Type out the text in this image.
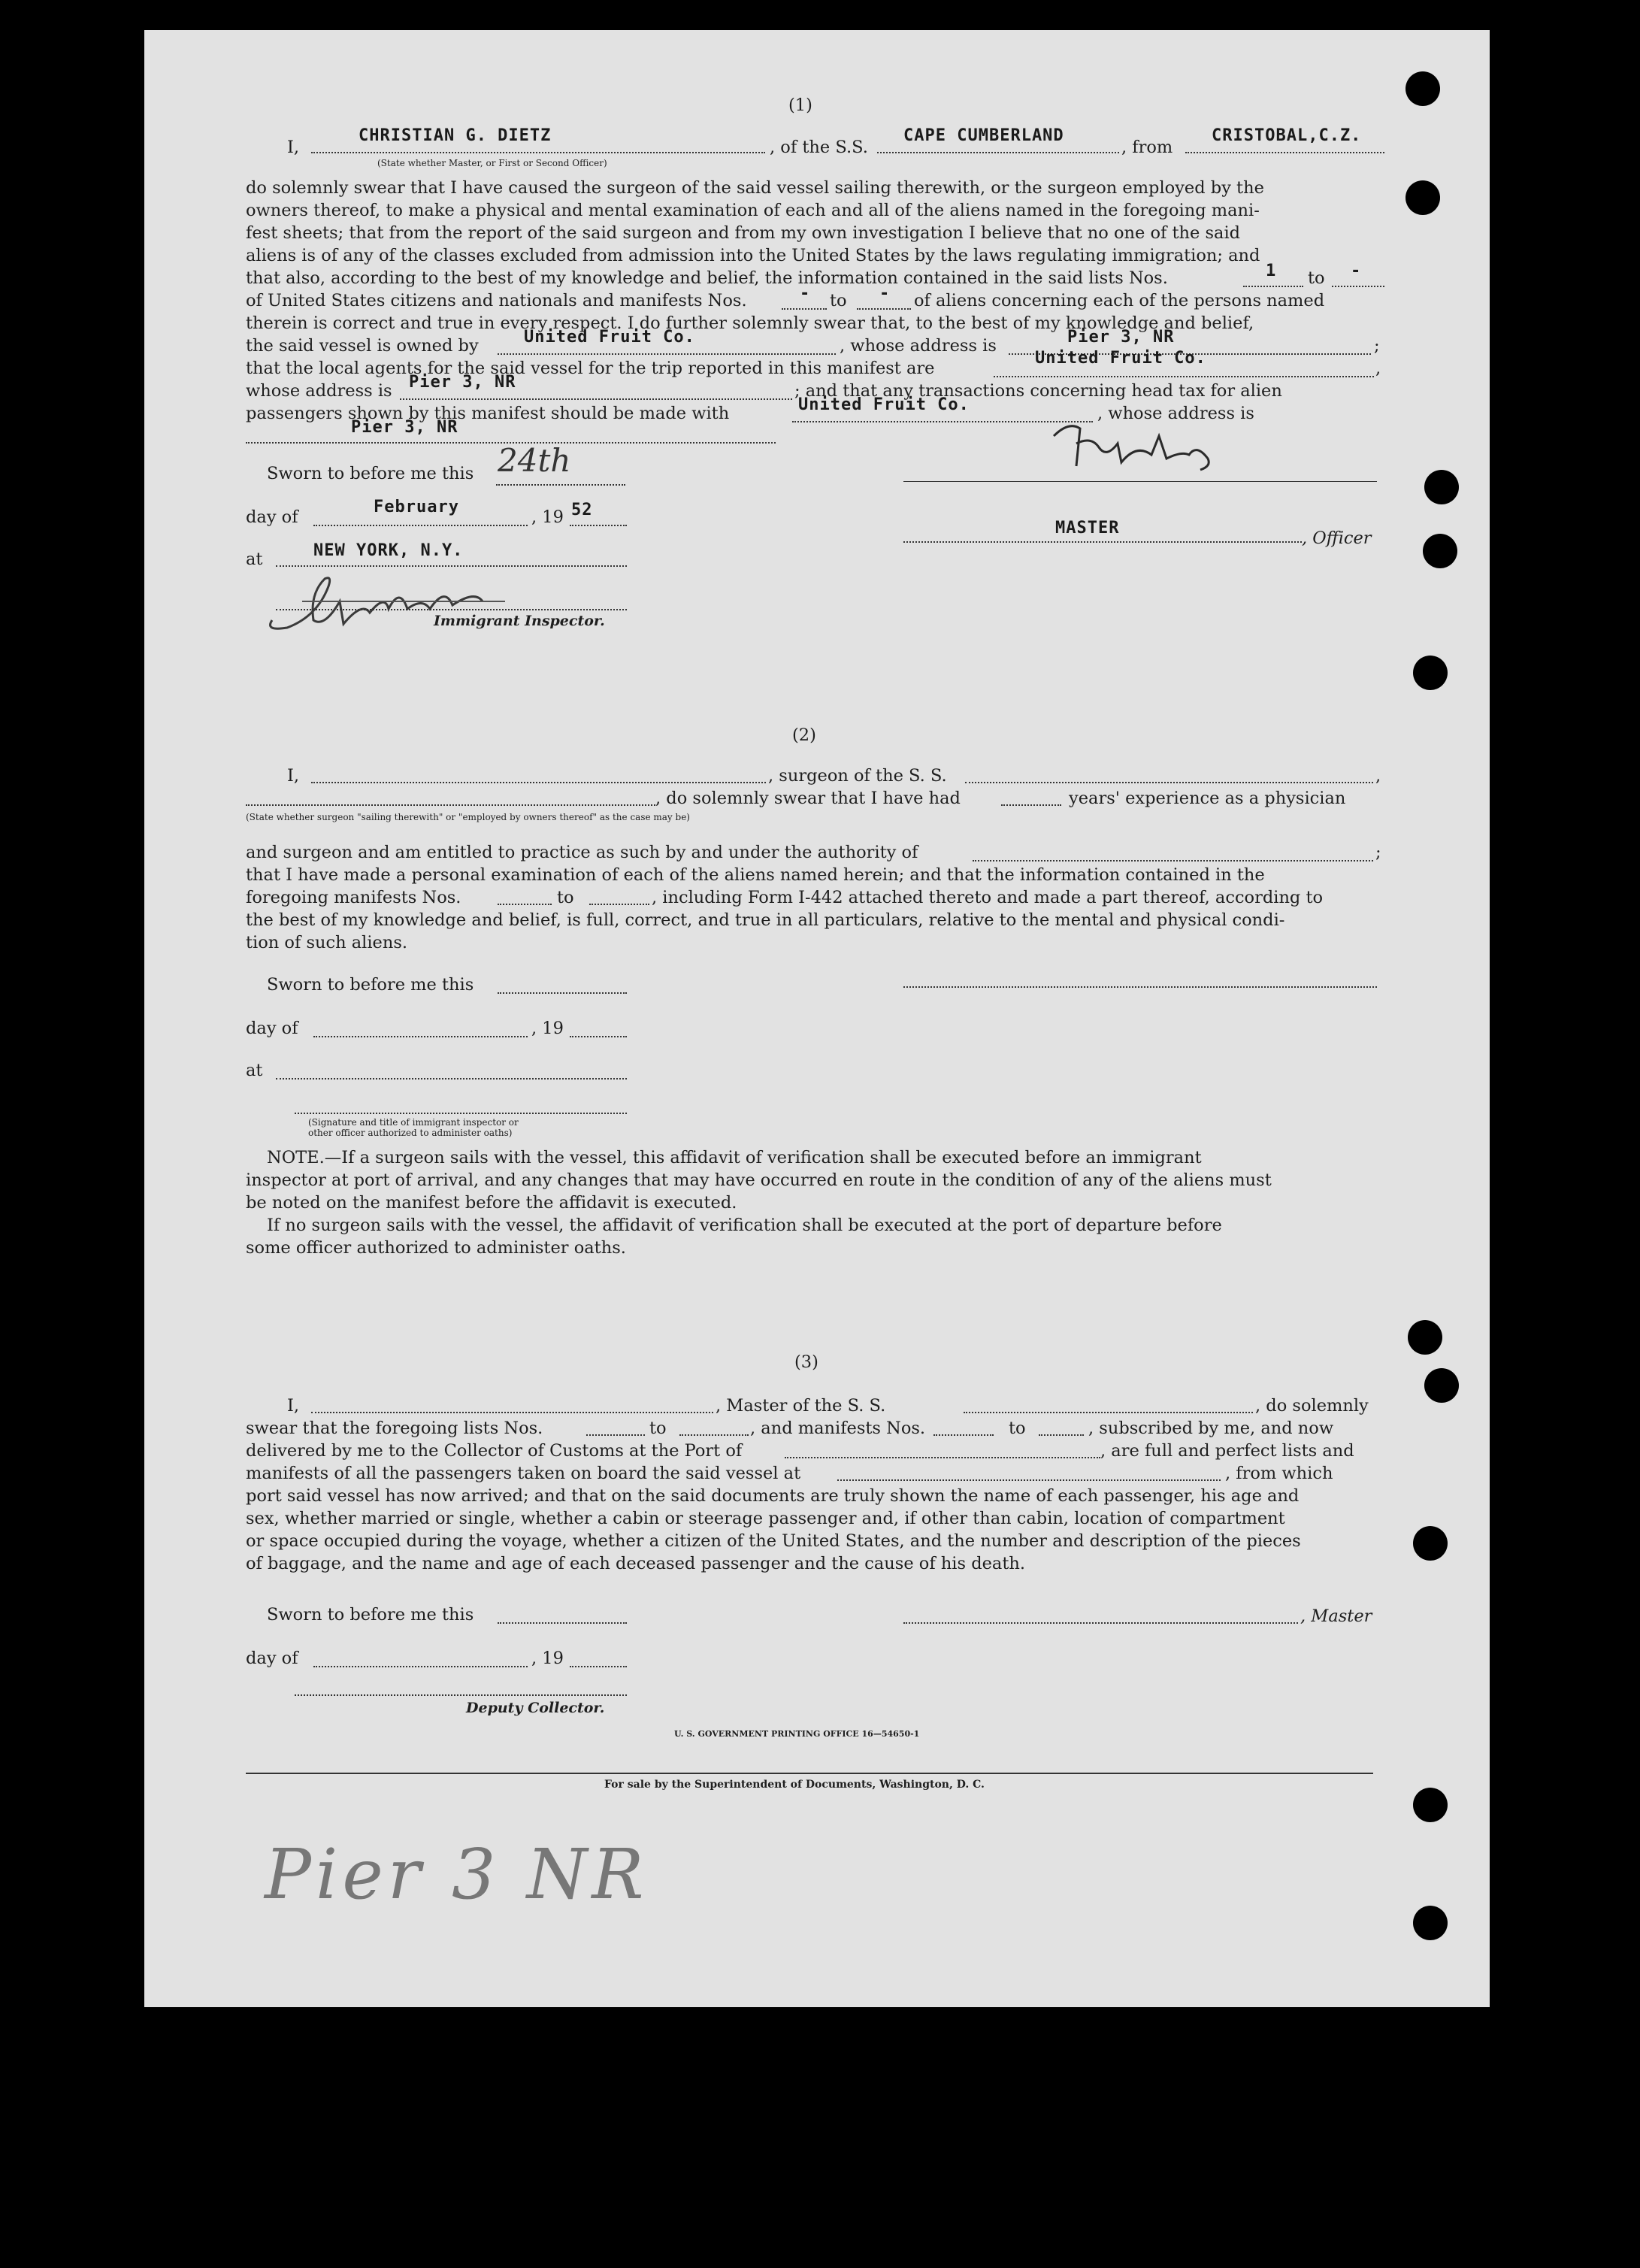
(1)
I,
CHRISTIAN G. DIETZ
, of the S.S.
CAPE CUMBERLAND
, from
CRISTOBAL,C.Z.
(State whether Master, or First or Second Officer)
do solemnly swear that I have caused the surgeon of the said vessel sailing therewith, or the surgeon employed by the
owners thereof, to make a physical and mental examination of each and all of the aliens named in the foregoing mani-
fest sheets; that from the report of the said surgeon and from my own investigation I believe that no one of the said
aliens is of any of the classes excluded from admission into the United States by the laws regulating immigration; and
that also, according to the best of my knowledge and belief, the information contained in the said lists Nos.	1 to -
of United States citizens and nationals and manifests Nos.	- to - of aliens concerning each of the persons named
therein is correct and true in every respect. I do further solemnly swear that, to the best of my knowledge and belief,
the said vessel is owned by	United Fruit Co.	, whose address is	Pier 3, NR	;
that the local agents for the said vessel for the trip reported in this manifest are
United Fruit Co.
,
whose address is Pier 3, NR	; and that any transactions concerning head tax for alien
passengers shown by this manifest should be made with	United Fruit Co.	, whose address is
Pier 3, NR
Sworn to before me this 24th
day of
February
, 19 52
MASTER
, Officer
at	NEW YORK, N.Y.
Immigrant Inspector.
(2)
I,	, surgeon of the S. S.	,
, do solemnly swear that I have had	years' experience as a physician
(State whether surgeon "sailing therewith" or "employed by owners thereof" as the case may be)
and surgeon and am entitled to practice as such by and under the authority of	;
that I have made a personal examination of each of the aliens named herein; and that the information contained in the
foregoing manifests Nos.	to	, including Form I-442 attached thereto and made a part thereof, according to
the best of my knowledge and belief, is full, correct, and true in all particulars, relative to the mental and physical condi-
tion of such aliens.
Sworn to before me this
day of	, 19
at
(Signature and title of immigrant inspector or
other officer authorized to administer oaths)
NOTE.—If a surgeon sails with the vessel, this affidavit of verification shall be executed before an immigrant
inspector at port of arrival, and any changes that may have occurred en route in the condition of any of the aliens must
be noted on the manifest before the affidavit is executed.
If no surgeon sails with the vessel, the affidavit of verification shall be executed at the port of departure before
some officer authorized to administer oaths.
(3)
I,	, Master of the S. S.	, do solemnly
swear that the foregoing lists Nos.	to	, and manifests Nos.	to	, subscribed by me, and now
delivered by me to the Collector of Customs at the Port of	, are full and perfect lists and
manifests of all the passengers taken on board the said vessel at	, from which
port said vessel has now arrived; and that on the said documents are truly shown the name of each passenger, his age and
sex, whether married or single, whether a cabin or steerage passenger and, if other than cabin, location of compartment
or space occupied during the voyage, whether a citizen of the United States, and the number and description of the pieces
of baggage, and the name and age of each deceased passenger and the cause of his death.
Sworn to before me this	, Master
day of	, 19
Deputy Collector.
U. S. GOVERNMENT PRINTING OFFICE 16—54650-1
For sale by the Superintendent of Documents, Washington, D. C.
Pier 3 NR
